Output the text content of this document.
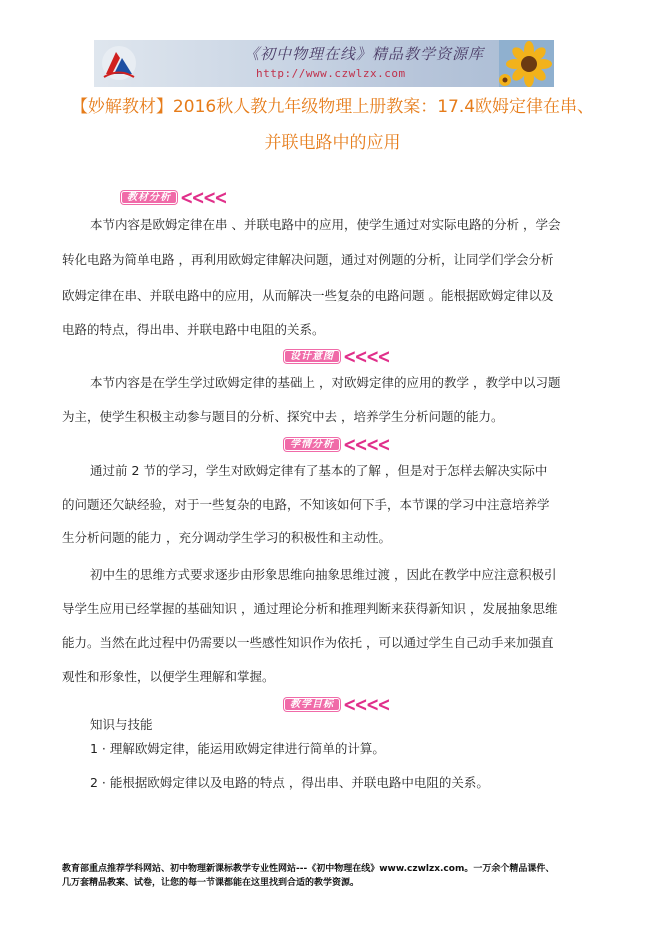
《初中物理在线》精品教学资源库
http://www.czwlzx.com
【妙解教材】2016秋人教九年级物理上册教案：17.4欧姆定律在串、
并联电路中的应用
教材分析 <<<<
本节内容是欧姆定律在串 、并联电路中的应用，使学生通过对实际电路的分析 ，学会
转化电路为简单电路 ，再利用欧姆定律解决问题，通过对例题的分析，让同学们学会分析
欧姆定律在串、并联电路中的应用，从而解决一些复杂的电路问题 。能根据欧姆定律以及
电路的特点，得出串、并联电路中电阻的关系。
设计意图 <<<<
本节内容是在学生学过欧姆定律的基础上 ，对欧姆定律的应用的教学 ，教学中以习题
为主，使学生积极主动参与题目的分析、探究中去 ，培养学生分析问题的能力。
学情分析 <<<<
通过前 2 节的学习，学生对欧姆定律有了基本的了解 ，但是对于怎样去解决实际中
的问题还欠缺经验，对于一些复杂的电路，不知该如何下手，本节课的学习中注意培养学
生分析问题的能力 ，充分调动学生学习的积极性和主动性。
初中生的思维方式要求逐步由形象思维向抽象思维过渡 ，因此在教学中应注意积极引
导学生应用已经掌握的基础知识 ，通过理论分析和推理判断来获得新知识 ，发展抽象思维
能力。当然在此过程中仍需要以一些感性知识作为依托 ，可以通过学生自己动手来加强直
观性和形象性，以便学生理解和掌握。
教学目标 <<<<
知识与技能
1 · 理解欧姆定律，能运用欧姆定律进行简单的计算。
2 · 能根据欧姆定律以及电路的特点 ，得出串、并联电路中电阻的关系。
教育部重点推荐学科网站、初中物理新课标教学专业性网站---《初中物理在线》www.czwlzx.com。一万余个精品课件、
几万套精品教案、试卷，让您的每一节课都能在这里找到合适的教学资源。
